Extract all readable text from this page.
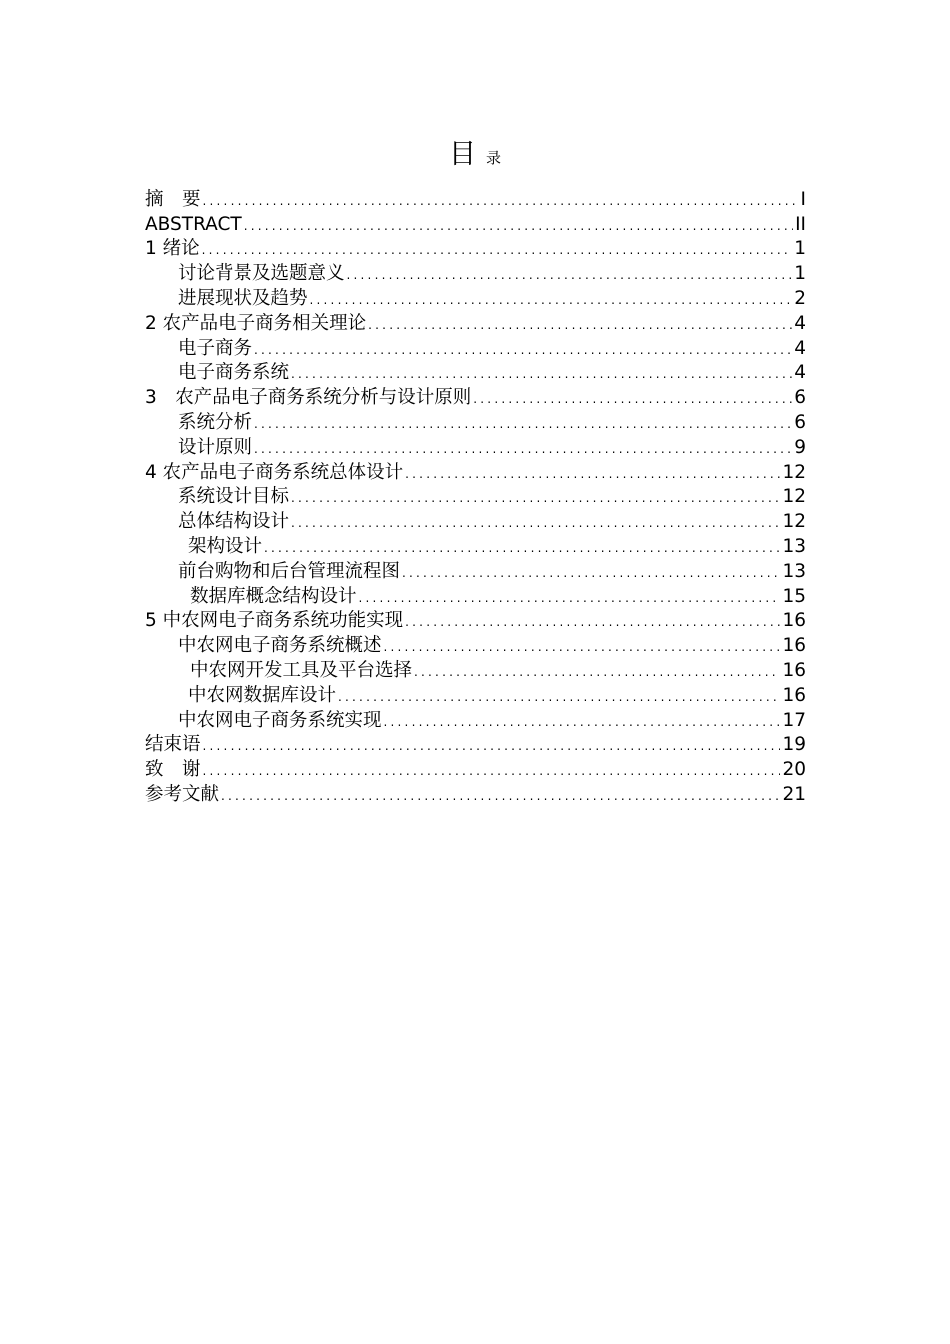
目录
摘　要 .....	I
ABSTRACT .....	II
1 绪论 .....	1
讨论背景及选题意义 .....	1
进展现状及趋势 .....	2
2 农产品电子商务相关理论 .....	4
电子商务 .....	4
电子商务系统 .....	4
3　农产品电子商务系统分析与设计原则 .....	6
系统分析 .....	6
设计原则 .....	9
4 农产品电子商务系统总体设计 .....	12
系统设计目标 .....	12
总体结构设计 .....	12
架构设计 .....	13
前台购物和后台管理流程图 .....	13
数据库概念结构设计 .....	15
5 中农网电子商务系统功能实现 .....	16
中农网电子商务系统概述 .....	16
中农网开发工具及平台选择 .....	16
中农网数据库设计 .....	16
中农网电子商务系统实现 .....	17
结束语 .....	19
致　谢 .....	20
参考文献 .....	21
